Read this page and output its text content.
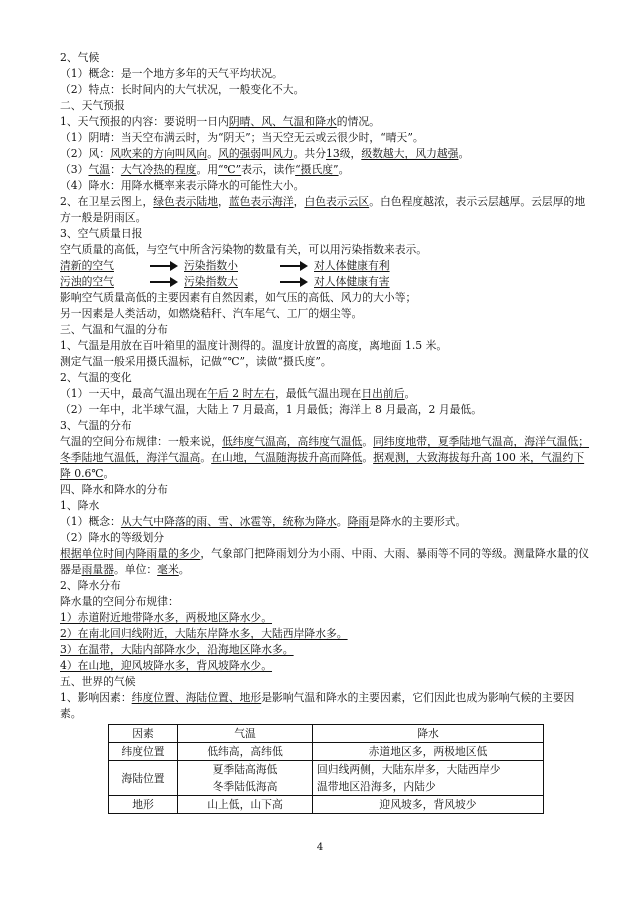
2、气候

（1）概念：是一个地方多年的天气平均状况。

（2）特点：长时间内的大气状况，一般变化不大。

二、天气预报

1、天气预报的内容：要说明一日内阴晴、风、气温和降水的情况。

（1）阴晴：当天空布满云时，为“阴天”；当天空无云或云很少时，“晴天”。

（2）风：风吹来的方向叫风向。风的强弱叫风力。共分13级，级数越大，风力越强。

（3）气温：大气冷热的程度。用“℃”表示，读作“摄氏度”。

（4）降水：用降水概率来表示降水的可能性大小。

2、在卫星云图上，绿色表示陆地，蓝色表示海洋，白色表示云区。白色程度越浓，表示云层越厚。云层厚的地方一般是阴雨区。

3、空气质量日报

空气质量的高低，与空气中所含污染物的数量有关，可以用污染指数来表示。

清新的空气	污染指数小	对人体健康有利
污浊的空气	污染指数大	对人体健康有害

影响空气质量高低的主要因素有自然因素，如气压的高低、风力的大小等；

另一因素是人类活动，如燃烧秸秆、汽车尾气、工厂的烟尘等。

三、气温和气温的分布

1、气温是用放在百叶箱里的温度计测得的。温度计放置的高度，离地面 1.5 米。

测定气温一般采用摄氏温标，记做“℃”，读做“摄氏度”。

2、气温的变化

（1）一天中，最高气温出现在午后 2 时左右，最低气温出现在日出前后。

（2）一年中，北半球气温，大陆上 7 月最高，1 月最低；海洋上 8 月最高，2 月最低。

3、气温的分布

气温的空间分布规律：一般来说，低纬度气温高，高纬度气温低。同纬度地带，夏季陆地气温高，海洋气温低；冬季陆地气温低，海洋气温高。在山地，气温随海拔升高而降低。据观测，大致海拔每升高 100 米，气温约下降 0.6℃。

四、降水和降水的分布

1、降水

（1）概念：从大气中降落的雨、雪、冰雹等，统称为降水。降雨是降水的主要形式。

（2）降水的等级划分

根据单位时间内降雨量的多少，气象部门把降雨划分为小雨、中雨、大雨、暴雨等不同的等级。测量降水量的仪器是雨量器。单位：毫米。

2、降水分布

降水量的空间分布规律：

1）赤道附近地带降水多，两极地区降水少。

2）在南北回归线附近，大陆东岸降水多，大陆西岸降水多。

3）在温带，大陆内部降水少，沿海地区降水多。

4）在山地，迎风坡降水多，背风坡降水少。

五、世界的气候

1、影响因素：纬度位置、海陆位置、地形是影响气温和降水的主要因素，它们因此也成为影响气候的主要因素。

因素	气温	降水
纬度位置	低纬高，高纬低	赤道地区多，两极地区低
海陆位置	夏季陆高海低	回归线两侧，大陆东岸多，大陆西岸少
	冬季陆低海高	温带地区沿海多，内陆少
地形	山上低，山下高	迎风坡多，背风坡少
4
